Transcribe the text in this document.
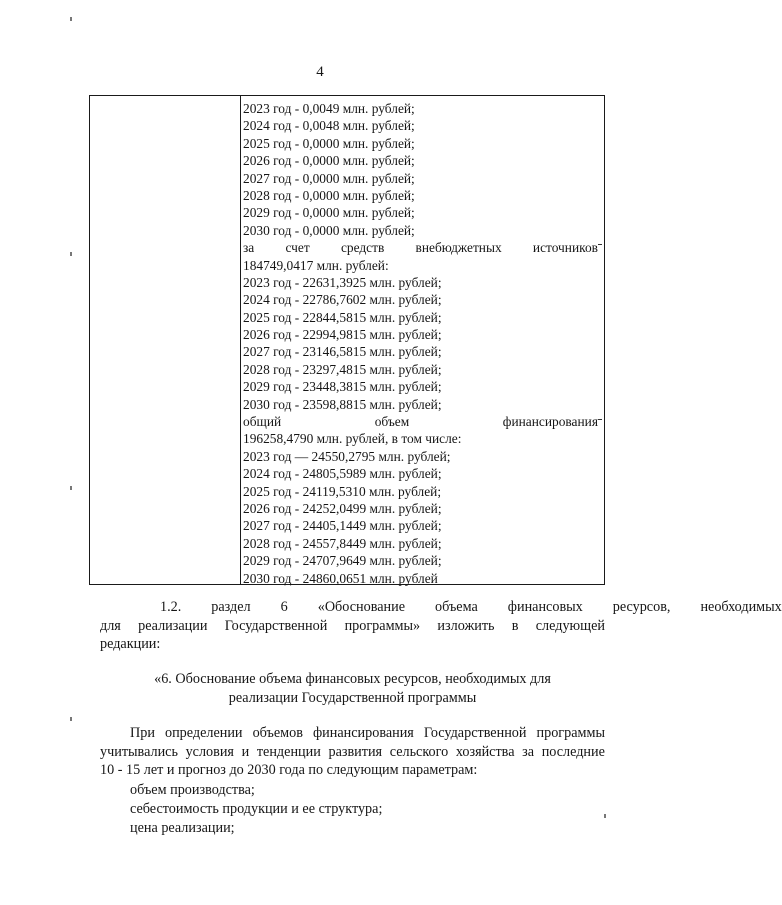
4
2023 год - 0,0049 млн. рублей;
2024 год - 0,0048 млн. рублей;
2025 год - 0,0000 млн. рублей;
2026 год - 0,0000 млн. рублей;
2027 год - 0,0000 млн. рублей;
2028 год - 0,0000 млн. рублей;
2029 год - 0,0000 млн. рублей;
2030 год - 0,0000 млн. рублей;
за счет средств внебюджетных источников
184749,0417 млн. рублей:
2023 год - 22631,3925 млн. рублей;
2024 год - 22786,7602 млн. рублей;
2025 год - 22844,5815 млн. рублей;
2026 год - 22994,9815 млн. рублей;
2027 год - 23146,5815 млн. рублей;
2028 год - 23297,4815 млн. рублей;
2029 год - 23448,3815 млн. рублей;
2030 год - 23598,8815 млн. рублей;
общий	объем	финансирования
196258,4790 млн. рублей, в том числе:
2023 год — 24550,2795 млн. рублей;
2024 год - 24805,5989 млн. рублей;
2025 год - 24119,5310 млн. рублей;
2026 год - 24252,0499 млн. рублей;
2027 год - 24405,1449 млн. рублей;
2028 год - 24557,8449 млн. рублей;
2029 год - 24707,9649 млн. рублей;
2030 год - 24860,0651 млн. рублей
1.2.	раздел	6	«Обоснование	объема	финансовых	ресурсов,	необходимых
для реализации Государственной программы» изложить в следующей
редакции:
«6. Обоснование объема финансовых ресурсов, необходимых для
реализации Государственной программы
При определении объемов финансирования Государственной программы
учитывались условия и тенденции развития сельского хозяйства за последние
10 - 15 лет и прогноз до 2030 года по следующим параметрам:
объем производства;
себестоимость продукции и ее структура;
цена реализации;
